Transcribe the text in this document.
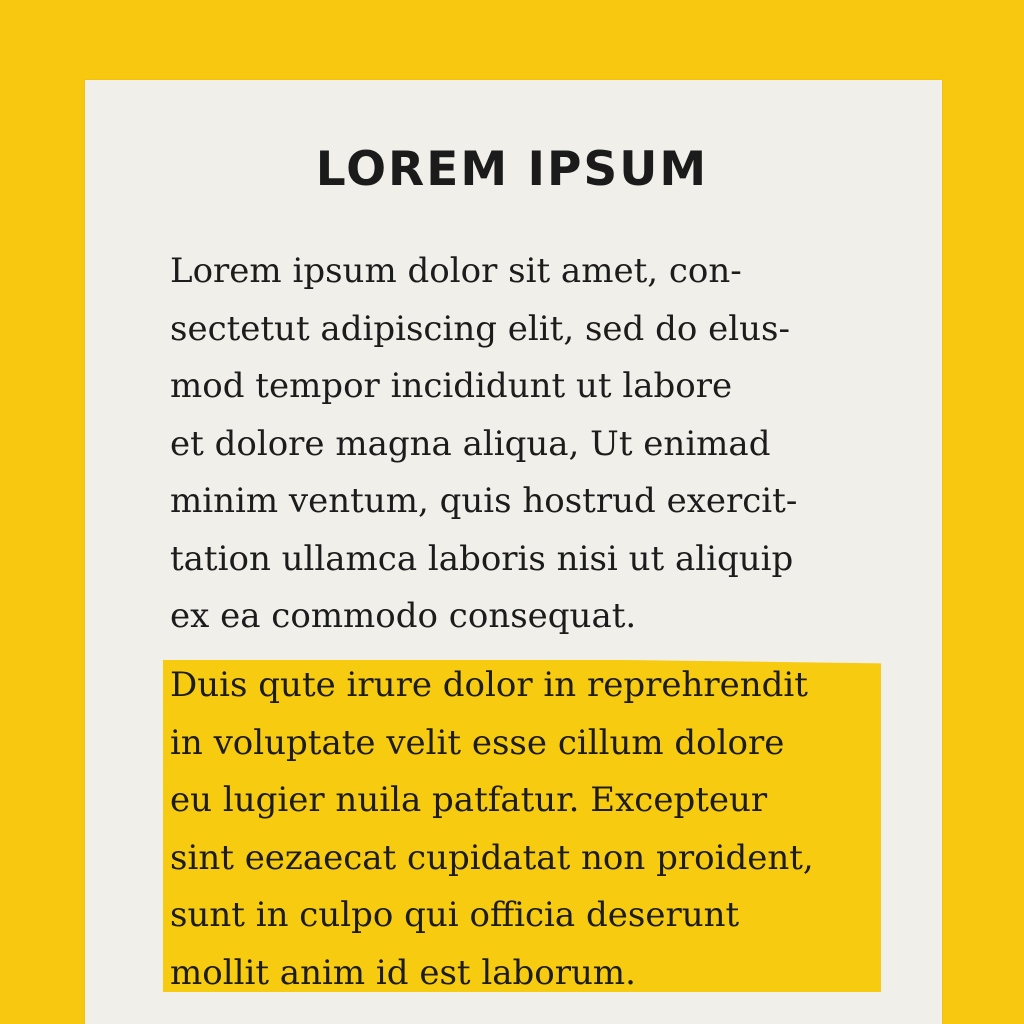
LOREM IPSUM
Lorem ipsum dolor sit amet, con-
sectetut adipiscing elit, sed do elus-
mod tempor incididunt ut labore
et dolore magna aliqua, Ut enimad
minim ventum, quis hostrud exercit-
tation ullamca laboris nisi ut aliquip
ex ea commodo consequat.
Duis qute irure dolor in reprehrendit
in voluptate velit esse cillum dolore
eu lugier nuila patfatur. Excepteur
sint eezaecat cupidatat non proident,
sunt in culpo qui officia deserunt
mollit anim id est laborum.
